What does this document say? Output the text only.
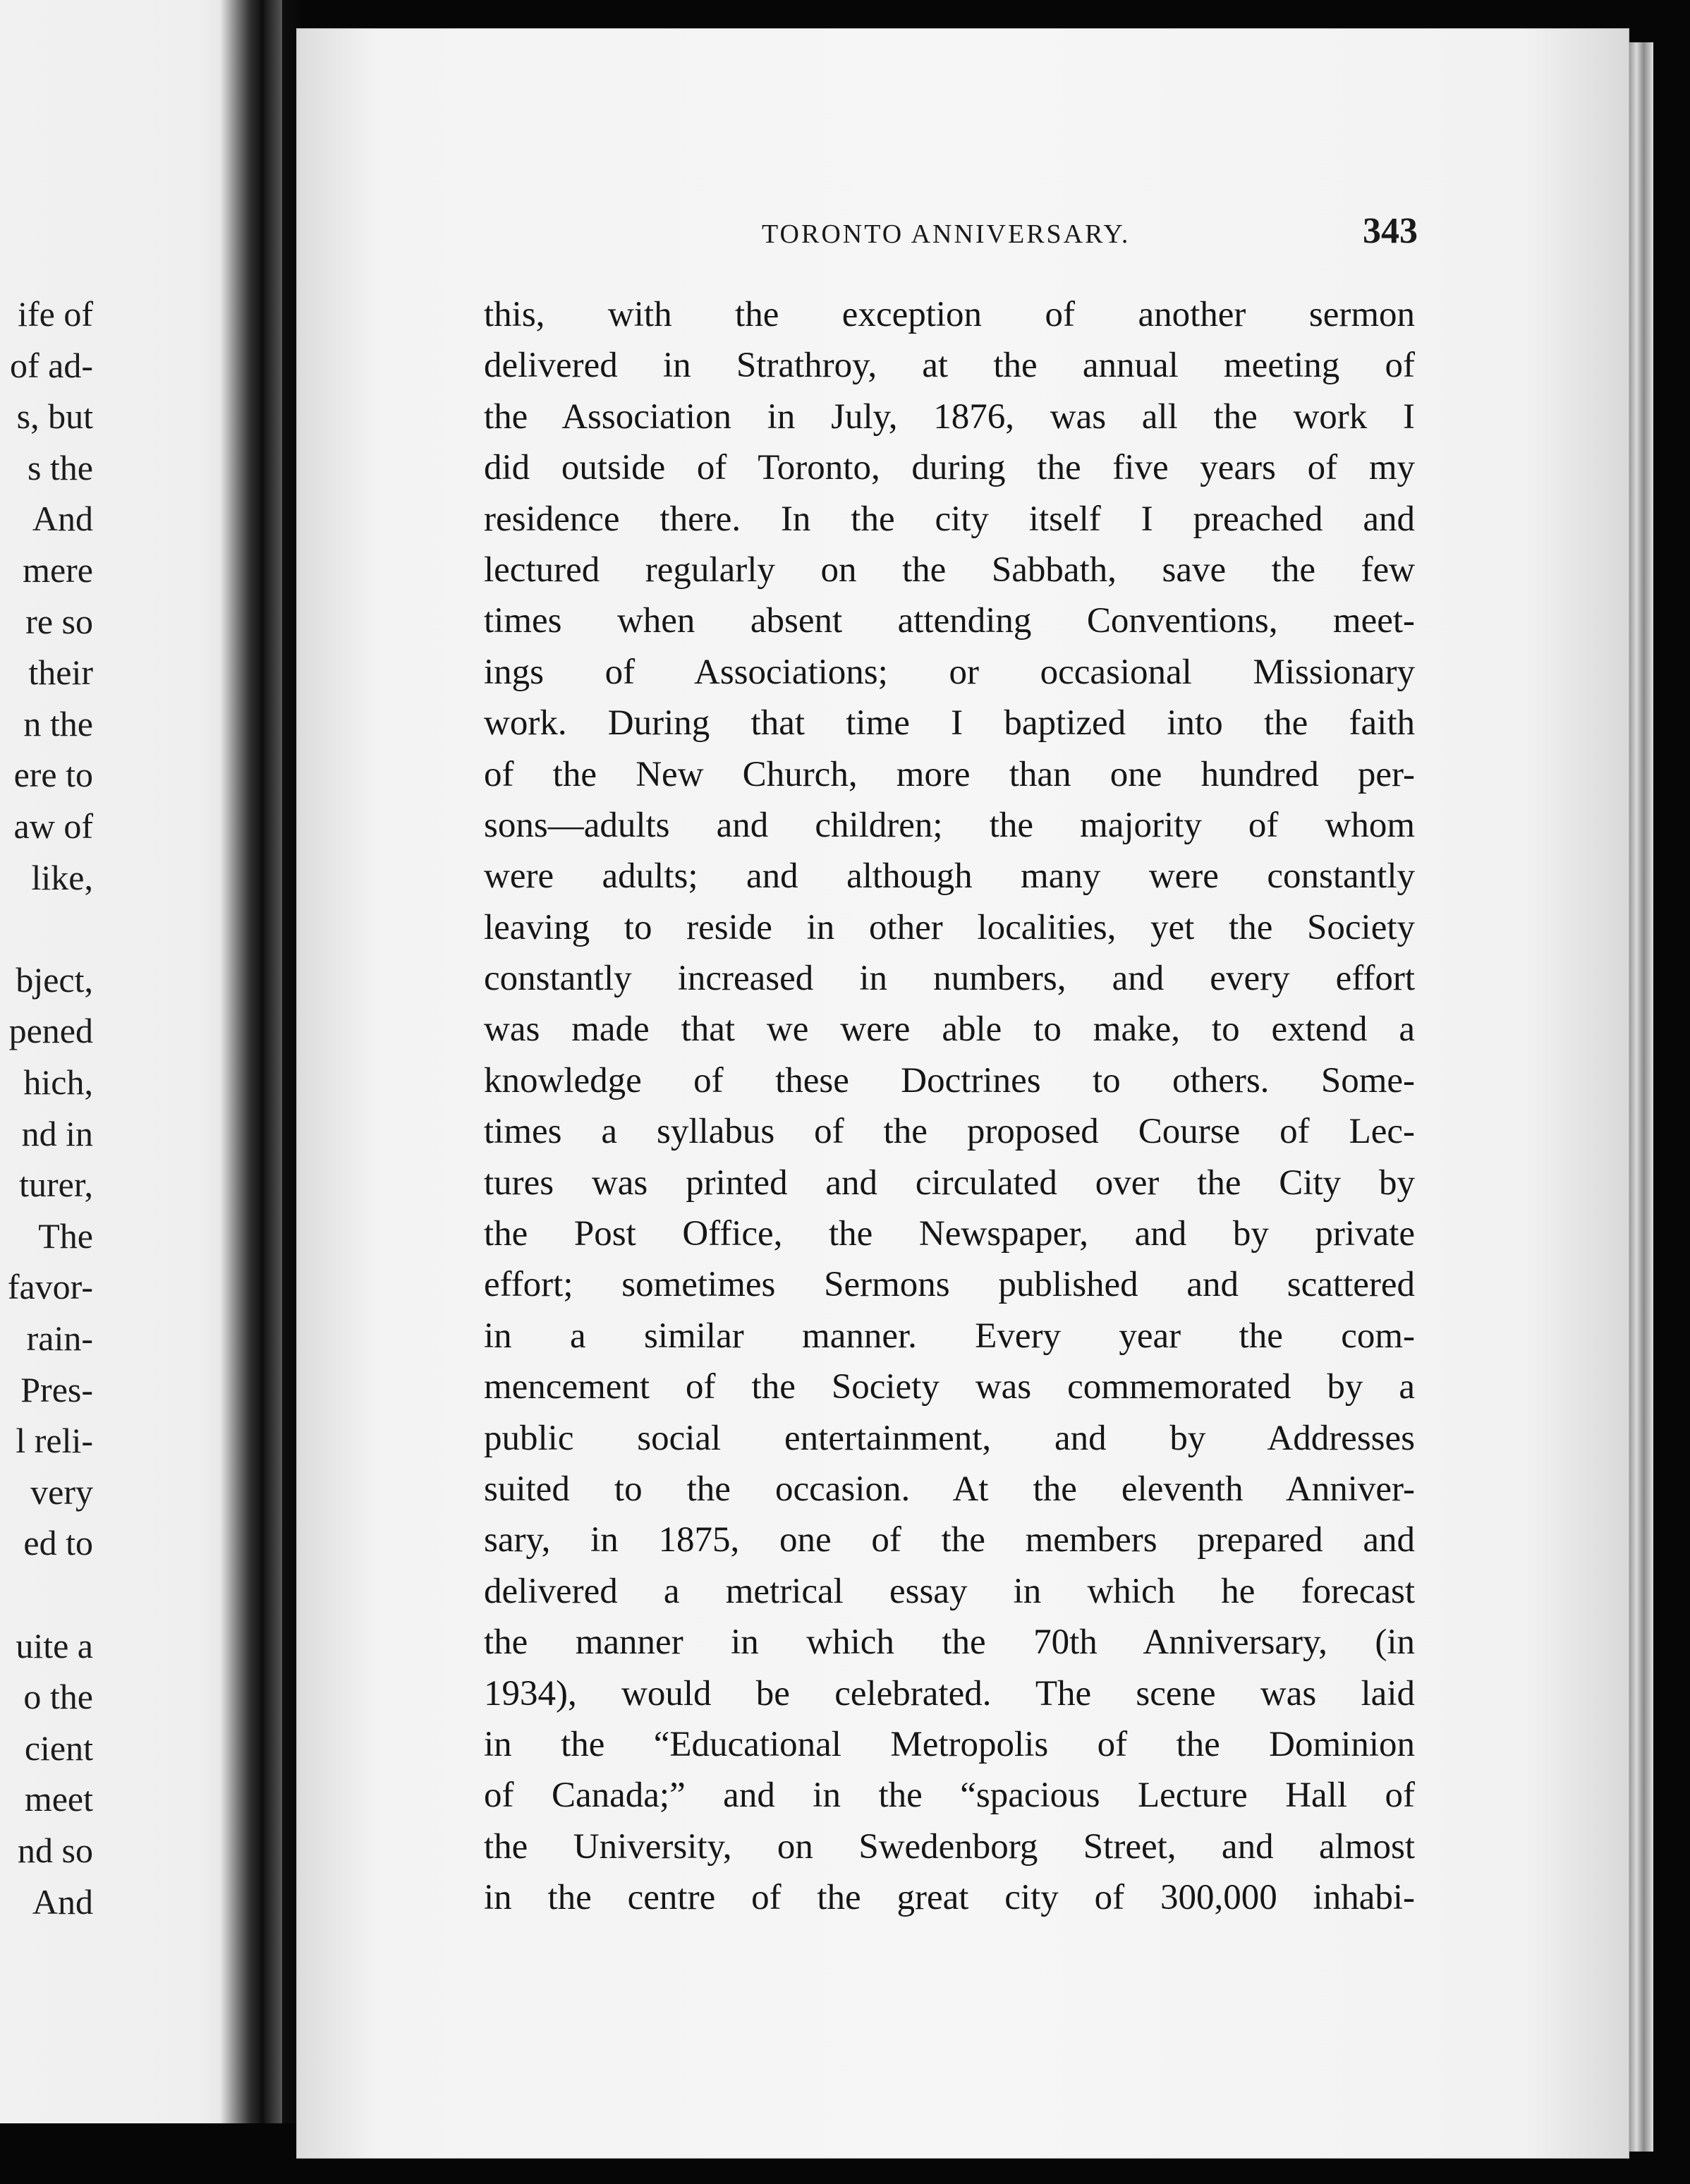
ife of
of ad-
s, but
s the
And
mere
re so
their
n the
ere to
aw of
like,
bject,
pened
hich,
nd in
turer,
The
favor-
rain-
Pres-
l reli-
very
ed to
uite a
o the
cient
meet
nd so
And
TORONTO ANNIVERSARY.	343
this, with the exception of another sermon
delivered in Strathroy, at the annual meeting of
the Association in July, 1876, was all the work I
did outside of Toronto, during the five years of my
residence there. In the city itself I preached and
lectured regularly on the Sabbath, save the few
times when absent attending Conventions, meet-
ings of Associations; or occasional Missionary
work. During that time I baptized into the faith
of the New Church, more than one hundred per-
sons—adults and children; the majority of whom
were adults; and although many were constantly
leaving to reside in other localities, yet the Society
constantly increased in numbers, and every effort
was made that we were able to make, to extend a
knowledge of these Doctrines to others. Some-
times a syllabus of the proposed Course of Lec-
tures was printed and circulated over the City by
the Post Office, the Newspaper, and by private
effort; sometimes Sermons published and scattered
in a similar manner. Every year the com-
mencement of the Society was commemorated by a
public social entertainment, and by Addresses
suited to the occasion. At the eleventh Anniver-
sary, in 1875, one of the members prepared and
delivered a metrical essay in which he forecast
the manner in which the 70th Anniversary, (in
1934), would be celebrated. The scene was laid
in the “Educational Metropolis of the Dominion
of Canada;” and in the “spacious Lecture Hall of
the University, on Swedenborg Street, and almost
in the centre of the great city of 300,000 inhabi-
